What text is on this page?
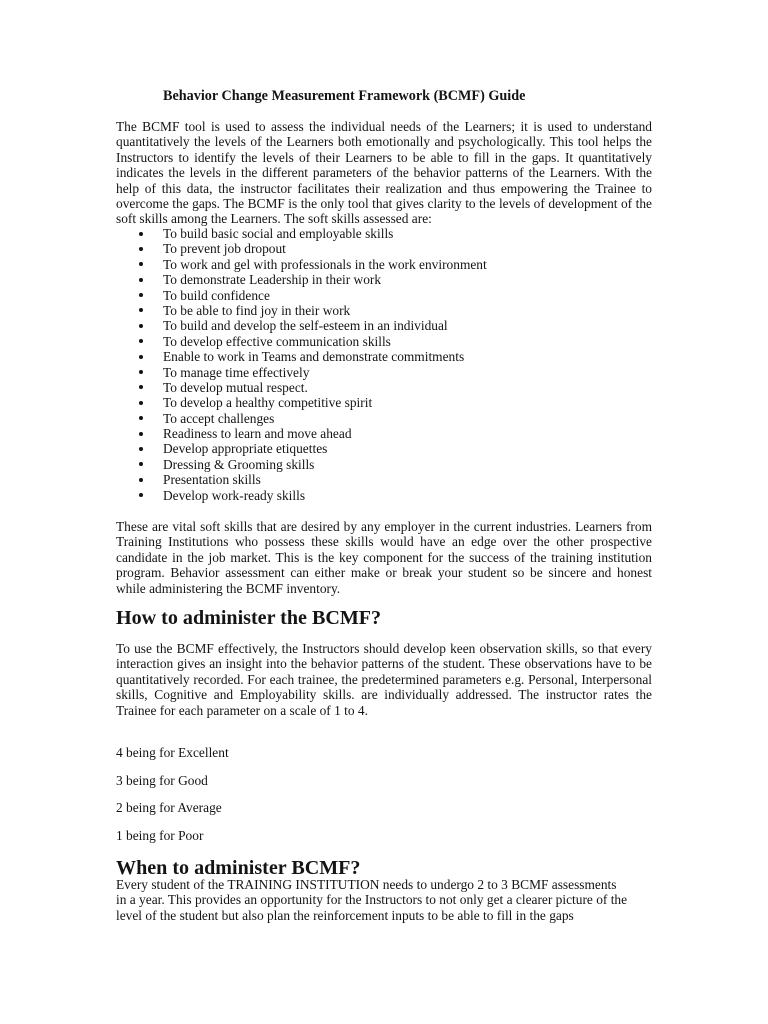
Behavior Change Measurement Framework (BCMF) Guide

The BCMF tool is used to assess the individual needs of the Learners; it is used to understand quantitatively the levels of the Learners both emotionally and psychologically. This tool helps the Instructors to identify the levels of their Learners to be able to fill in the gaps. It quantitatively indicates the levels in the different parameters of the behavior patterns of the Learners. With the help of this data, the instructor facilitates their realization and thus empowering the Trainee to overcome the gaps. The BCMF is the only tool that gives clarity to the levels of development of the soft skills among the Learners. The soft skills assessed are:

To build basic social and employable skills
To prevent job dropout
To work and gel with professionals in the work environment
To demonstrate Leadership in their work
To build confidence
To be able to find joy in their work
To build and develop the self-esteem in an individual
To develop effective communication skills
Enable to work in Teams and demonstrate commitments
To manage time effectively
To develop mutual respect.
To develop a healthy competitive spirit
To accept challenges
Readiness to learn and move ahead
Develop appropriate etiquettes
Dressing & Grooming skills
Presentation skills
Develop work-ready skills

These are vital soft skills that are desired by any employer in the current industries. Learners from Training Institutions who possess these skills would have an edge over the other prospective candidate in the job market. This is the key component for the success of the training institution program. Behavior assessment can either make or break your student so be sincere and honest while administering the BCMF inventory.

How to administer the BCMF?

To use the BCMF effectively, the Instructors should develop keen observation skills, so that every interaction gives an insight into the behavior patterns of the student. These observations have to be quantitatively recorded. For each trainee, the predetermined parameters e.g. Personal, Interpersonal skills, Cognitive and Employability skills. are individually addressed. The instructor rates the Trainee for each parameter on a scale of 1 to 4.

4 being for Excellent

3 being for Good

2 being for Average

1 being for Poor

When to administer BCMF?

Every student of the TRAINING INSTITUTION needs to undergo 2 to 3 BCMF assessments
in a year. This provides an opportunity for the Instructors to not only get a clearer picture of the
level of the student but also plan the reinforcement inputs to be able to fill in the gaps
